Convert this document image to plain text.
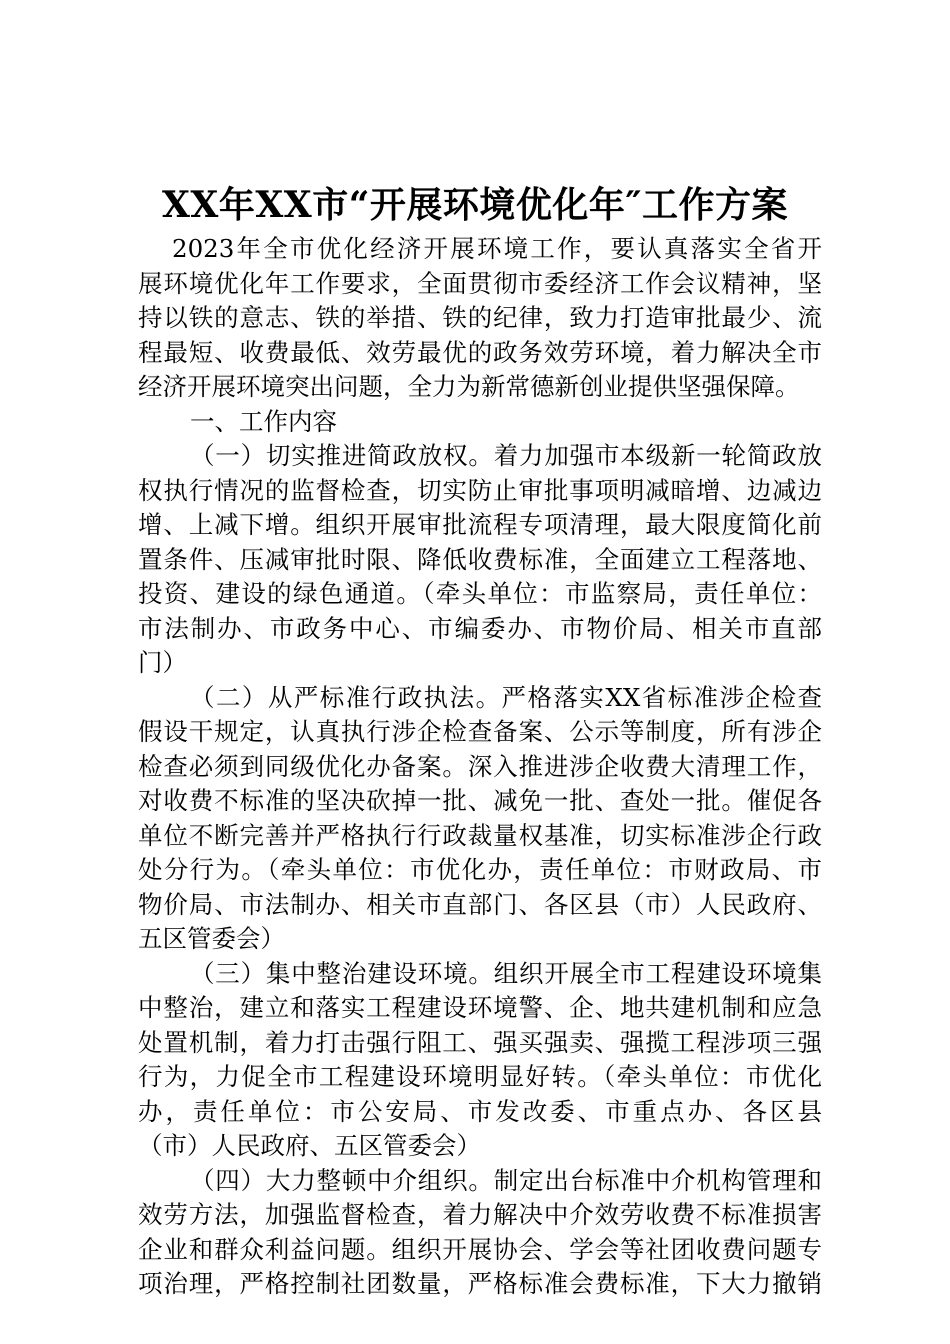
XX年XX市“开展环境优化年″工作方案
2023年全市优化经济开展环境工作，要认真落实全省开
展环境优化年工作要求，全面贯彻市委经济工作会议精神，坚
持以铁的意志、铁的举措、铁的纪律，致力打造审批最少、流
程最短、收费最低、效劳最优的政务效劳环境，着力解决全市
经济开展环境突出问题，全力为新常德新创业提供坚强保障。
一、工作内容
（一）切实推进简政放权。着力加强市本级新一轮简政放
权执行情况的监督检查，切实防止审批事项明减暗增、边减边
增、上减下增。组织开展审批流程专项清理，最大限度简化前
置条件、压减审批时限、降低收费标准，全面建立工程落地、
投资、建设的绿色通道。（牵头单位：市监察局，责任单位：
市法制办、市政务中心、市编委办、市物价局、相关市直部
门）
（二）从严标准行政执法。严格落实XX省标准涉企检查
假设干规定，认真执行涉企检查备案、公示等制度，所有涉企
检查必须到同级优化办备案。深入推进涉企收费大清理工作，
对收费不标准的坚决砍掉一批、减免一批、查处一批。催促各
单位不断完善并严格执行行政裁量权基准，切实标准涉企行政
处分行为。（牵头单位：市优化办，责任单位：市财政局、市
物价局、市法制办、相关市直部门、各区县（市）人民政府、
五区管委会）
（三）集中整治建设环境。组织开展全市工程建设环境集
中整治，建立和落实工程建设环境警、企、地共建机制和应急
处置机制，着力打击强行阻工、强买强卖、强揽工程涉项三强
行为，力促全市工程建设环境明显好转。（牵头单位：市优化
办，责任单位：市公安局、市发改委、市重点办、各区县
（市）人民政府、五区管委会）
（四）大力整顿中介组织。制定出台标准中介机构管理和
效劳方法，加强监督检查，着力解决中介效劳收费不标准损害
企业和群众利益问题。组织开展协会、学会等社团收费问题专
项治理，严格控制社团数量，严格标准会费标准，下大力撤销
